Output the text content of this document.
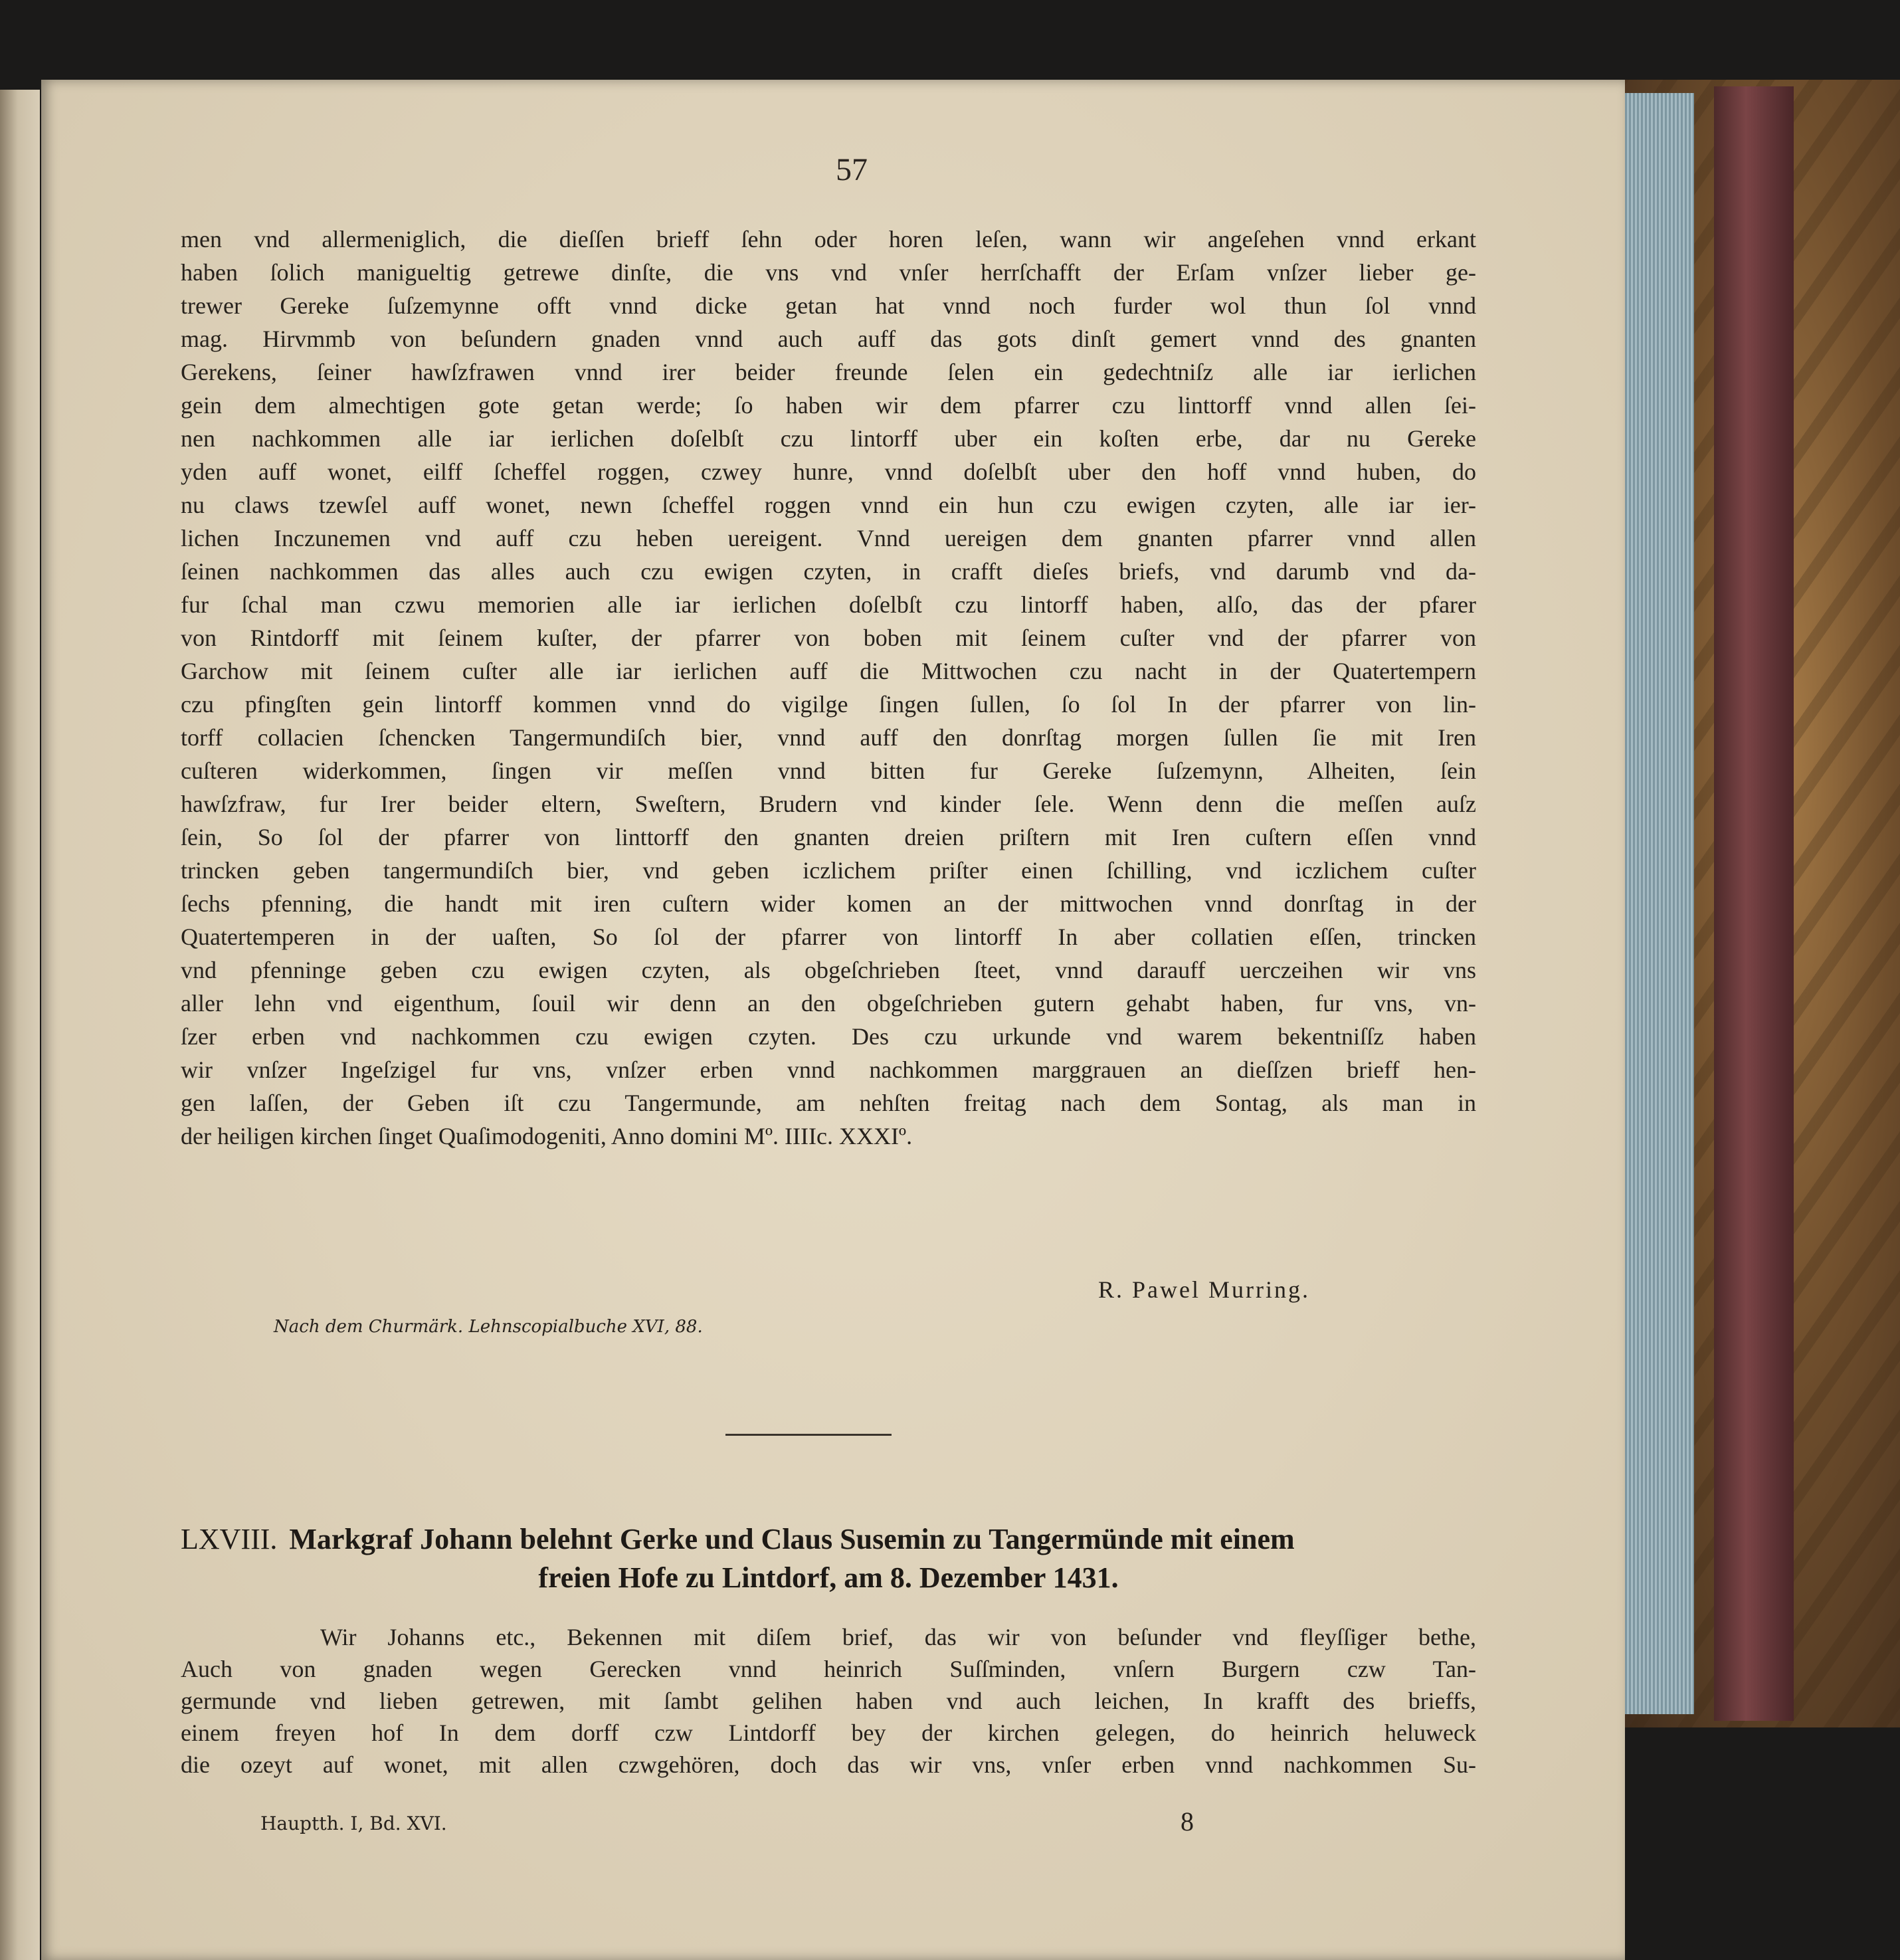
57
men vnd allermeniglich, die dieſſen brieff ſehn oder horen leſen, wann wir angeſehen vnnd erkant
haben ſolich manigueltig getrewe dinſte, die vns vnd vnſer herrſchafft der Erſam vnſzer lieber ge-
trewer Gereke ſuſzemynne offt vnnd dicke getan hat vnnd noch furder wol thun ſol vnnd
mag. Hirvmmb von beſundern gnaden vnnd auch auff das gots dinſt gemert vnnd des gnanten
Gerekens, ſeiner hawſzfrawen vnnd irer beider freunde ſelen ein gedechtniſz alle iar ierlichen
gein dem almechtigen gote getan werde; ſo haben wir dem pfarrer czu linttorff vnnd allen ſei-
nen nachkommen alle iar ierlichen doſelbſt czu lintorff uber ein koſten erbe, dar nu Gereke
yden auff wonet, eilff ſcheffel roggen, czwey hunre, vnnd doſelbſt uber den hoff vnnd huben, do
nu claws tzewſel auff wonet, newn ſcheffel roggen vnnd ein hun czu ewigen czyten, alle iar ier-
lichen Inczunemen vnd auff czu heben uereigent. Vnnd uereigen dem gnanten pfarrer vnnd allen
ſeinen nachkommen das alles auch czu ewigen czyten, in crafft dieſes briefs, vnd darumb vnd da-
fur ſchal man czwu memorien alle iar ierlichen doſelbſt czu lintorff haben, alſo, das der pfarer
von Rintdorff mit ſeinem kuſter, der pfarrer von boben mit ſeinem cuſter vnd der pfarrer von
Garchow mit ſeinem cuſter alle iar ierlichen auff die Mittwochen czu nacht in der Quatertempern
czu pfingſten gein lintorff kommen vnnd do vigilge ſingen ſullen, ſo ſol In der pfarrer von lin-
torff collacien ſchencken Tangermundiſch bier, vnnd auff den donrſtag morgen ſullen ſie mit Iren
cuſteren widerkommen, ſingen vir meſſen vnnd bitten fur Gereke ſuſzemynn, Alheiten, ſein
hawſzfraw, fur Irer beider eltern, Sweſtern, Brudern vnd kinder ſele. Wenn denn die meſſen auſz
ſein, So ſol der pfarrer von linttorff den gnanten dreien priſtern mit Iren cuſtern eſſen vnnd
trincken geben tangermundiſch bier, vnd geben iczlichem priſter einen ſchilling, vnd iczlichem cuſter
ſechs pfenning, die handt mit iren cuſtern wider komen an der mittwochen vnnd donrſtag in der
Quatertemperen in der uaſten, So ſol der pfarrer von lintorff In aber collatien eſſen, trincken
vnd pfenninge geben czu ewigen czyten, als obgeſchrieben ſteet, vnnd darauff uerczeihen wir vns
aller lehn vnd eigenthum, ſouil wir denn an den obgeſchrieben gutern gehabt haben, fur vns, vn-
ſzer erben vnd nachkommen czu ewigen czyten. Des czu urkunde vnd warem bekentniſſz haben
wir vnſzer Ingeſzigel fur vns, vnſzer erben vnnd nachkommen marggrauen an dieſſzen brieff hen-
gen laſſen, der Geben iſt czu Tangermunde, am nehſten freitag nach dem Sontag, als man in
der heiligen kirchen ſinget Quaſimodogeniti, Anno domini Mº. IIIIc. XXXIº.
R. Pawel Murring.
Nach dem Churmärk. Lehnscopialbuche XVI, 88.
LXVIII. Markgraf Johann belehnt Gerke und Claus Susemin zu Tangermünde mit einem
freien Hofe zu Lintdorf, am 8. Dezember 1431.
Wir Johanns etc., Bekennen mit diſem brief, das wir von beſunder vnd fleyſſiger bethe,
Auch von gnaden wegen Gerecken vnnd heinrich Suſſminden, vnſern Burgern czw Tan-
germunde vnd lieben getrewen, mit ſambt gelihen haben vnd auch leichen, In krafft des brieffs,
einem freyen hof In dem dorff czw Lintdorff bey der kirchen gelegen, do heinrich heluweck
die ozeyt auf wonet, mit allen czwgehören, doch das wir vns, vnſer erben vnnd nachkommen Su-
Hauptth. I, Bd. XVI.	8
